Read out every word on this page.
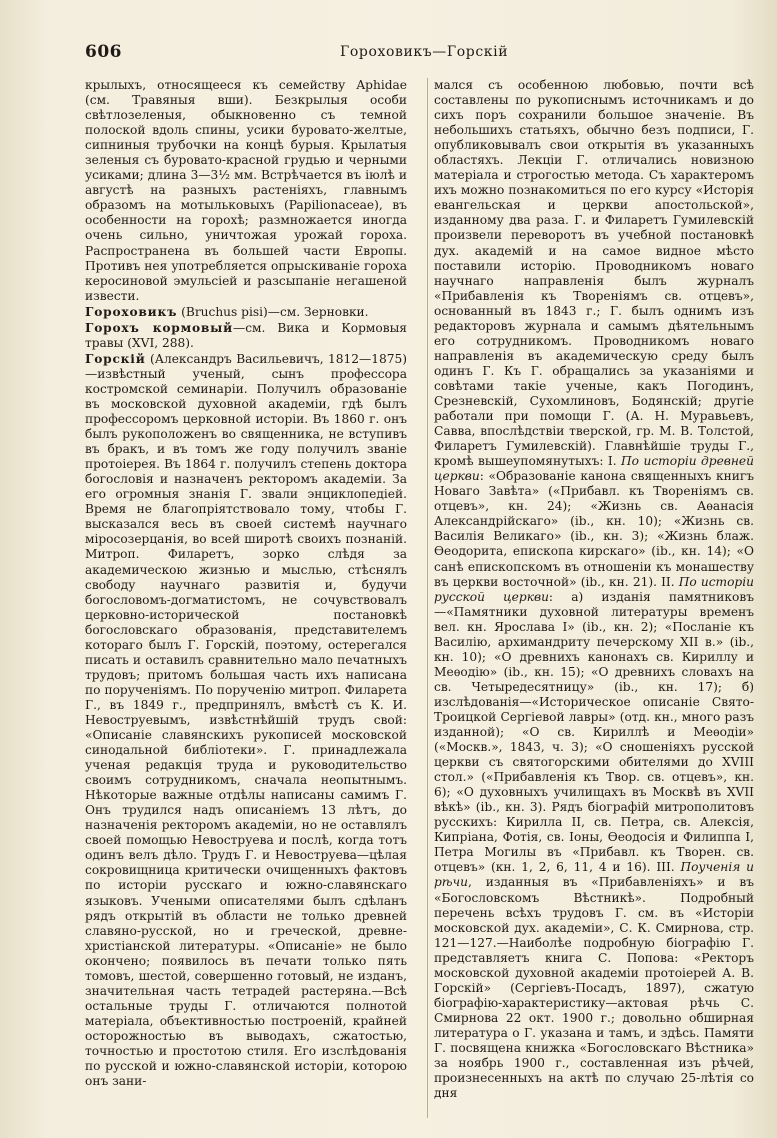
606	Гороховикъ—Горскій

крылыхъ, относящееся къ семейству Aphidae (см. Травяныя вши). Безкрылыя особи свѣтлозеленыя, обыкновенно съ темной полоской вдоль спины, усики буровато-желтые, сипниныя трубочки на концѣ бурыя. Крылатыя зеленыя съ буровато-красной грудью и черными усиками; длина 3—3½ мм. Встрѣчается въ іюлѣ и августѣ на разныхъ растеніяхъ, главнымъ образомъ на мотыльковыхъ (Papilionaceae), въ особенности на горохѣ; размножается иногда очень сильно, уничтожая урожай гороха. Распространена въ большей части Европы. Противъ нея употребляется опрыскиваніе гороха керосиновой эмульсіей и разсыпаніе негашеной извести.

Гороховикъ (Bruchus pisi)—см. Зерновки.

Горохъ кормовый—см. Вика и Кормовыя травы (XVI, 288).

Горскій (Александръ Васильевичъ, 1812—1875)—извѣстный ученый, сынъ профессора костромской семинаріи. Получилъ образованіе въ московской духовной академіи, гдѣ былъ профессоромъ церковной исторіи. Въ 1860 г. онъ былъ рукоположенъ во священника, не вступивъ въ бракъ, и въ томъ же году получилъ званіе протоіерея. Въ 1864 г. получилъ степень доктора богословія и назначенъ ректоромъ академіи. За его огромныя знанія Г. звали энциклопедіей. Время не благопріятствовало тому, чтобы Г. высказался весь въ своей системѣ научнаго міросозерцанія, во всей широтѣ своихъ познаній. Митроп. Филаретъ, зорко слѣдя за академическою жизнью и мыслью, стѣснялъ свободу научнаго развитія и, будучи богословомъ-догматистомъ, не сочувствовалъ церковно-исторической постановкѣ богословскаго образованія, представителемъ котораго былъ Г. Горскій, поэтому, остерегался писать и оставилъ сравнительно мало печатныхъ трудовъ; притомъ большая часть ихъ написана по порученіямъ. По порученію митроп. Филарета Г., въ 1849 г., предпринялъ, вмѣстѣ съ К. И. Невоструевымъ, извѣстнѣйшій трудъ свой: «Описаніе славянскихъ рукописей московской синодальной библіотеки». Г. принадлежала ученая редакція труда и руководительство своимъ сотрудникомъ, сначала неопытнымъ. Нѣкоторые важные отдѣлы написаны самимъ Г. Онъ трудился надъ описаніемъ 13 лѣтъ, до назначенія ректоромъ академіи, но не оставлялъ своей помощью Невоструева и послѣ, когда тотъ одинъ велъ дѣло. Трудъ Г. и Невоструева—цѣлая сокровищница критически очищенныхъ фактовъ по исторіи русскаго и южно-славянскаго языковъ. Учеными описателями былъ сдѣланъ рядъ открытій въ области не только древней славяно-русской, но и греческой, древне-христіанской литературы. «Описаніе» не было окончено; появилось въ печати только пять томовъ, шестой, совершенно готовый, не изданъ, значительная часть тетрадей растеряна.—Всѣ остальные труды Г. отличаются полнотой матеріала, объективностью построеній, крайней осторожностью въ выводахъ, сжатостью, точностью и простотою стиля. Его изслѣдованія по русской и южно-славянской исторіи, которою онъ зани-

мался съ особенною любовью, почти всѣ составлены по рукописнымъ источникамъ и до сихъ поръ сохранили большое значеніе. Въ небольшихъ статьяхъ, обычно безъ подписи, Г. опубликовывалъ свои открытія въ указанныхъ областяхъ. Лекціи Г. отличались новизною матеріала и строгостью метода. Съ характеромъ ихъ можно познакомиться по его курсу «Исторія евангельская и церкви апостольской», изданному два раза. Г. и Филаретъ Гумилевскій произвели переворотъ въ учебной постановкѣ дух. академій и на самое видное мѣсто поставили исторію. Проводникомъ новаго научнаго направленія былъ журналъ «Прибавленія къ Твореніямъ св. отцевъ», основанный въ 1843 г.; Г. былъ однимъ изъ редакторовъ журнала и самымъ дѣятельнымъ его сотрудникомъ. Проводникомъ новаго направленія въ академическую среду былъ одинъ Г. Къ Г. обращались за указаніями и совѣтами такіе ученые, какъ Погодинъ, Срезневскій, Сухомлиновъ, Бодянскій; другіе работали при помощи Г. (А. Н. Муравьевъ, Савва, впослѣдствіи тверской, гр. М. В. Толстой, Филаретъ Гумилевскій). Главнѣйшіе труды Г., кромѣ вышеупомянутыхъ: I. По исторіи древней церкви: «Образованіе канона священныхъ книгъ Новаго Завѣта» («Прибавл. къ Твореніямъ св. отцевъ», кн. 24); «Жизнь св. Аѳанасія Александрійскаго» (ib., кн. 10); «Жизнь св. Василія Великаго» (ib., кн. 3); «Жизнь блаж. Ѳеодорита, епископа кирскаго» (ib., кн. 14); «О санѣ епископскомъ въ отношеніи къ монашеству въ церкви восточной» (ib., кн. 21). II. По исторіи русской церкви: а) изданія памятниковъ—«Памятники духовной литературы временъ вел. кн. Ярослава I» (ib., кн. 2); «Посланіе къ Василію, архимандриту печерскому XII в.» (ib., кн. 10); «О древнихъ канонахъ св. Кириллу и Меѳодію» (ib., кн. 15); «О древнихъ словахъ на св. Четыредесятницу» (ib., кн. 17); б) изслѣдованія—«Историческое описаніе Свято-Троицкой Сергіевой лавры» (отд. кн., много разъ изданной); «О св. Кириллѣ и Меѳодіи» («Москв.», 1843, ч. 3); «О сношеніяхъ русской церкви съ святогорскими обителями до XVIII стол.» («Прибавленія къ Твор. св. отцевъ», кн. 6); «О духовныхъ училищахъ въ Москвѣ въ XVII вѣкѣ» (ib., кн. 3). Рядъ біографій митрополитовъ русскихъ: Кирилла II, св. Петра, св. Алексія, Кипріана, Фотія, св. Іоны, Ѳеодосія и Филиппа I, Петра Могилы въ «Прибавл. къ Творен. св. отцевъ» (кн. 1, 2, 6, 11, 4 и 16). III. Поученія и рѣчи, изданныя въ «Прибавленіяхъ» и въ «Богословскомъ Вѣстникѣ». Подробный перечень всѣхъ трудовъ Г. см. въ «Исторіи московской дух. академіи», С. К. Смирнова, стр. 121—127.—Наиболѣе подробную біографію Г. представляетъ книга С. Попова: «Ректоръ московской духовной академіи протоіерей А. В. Горскій» (Сергіевъ-Посадъ, 1897), сжатую біографію-характеристику—актовая рѣчь С. Смирнова 22 окт. 1900 г.; довольно обширная литература о Г. указана и тамъ, и здѣсь. Памяти Г. посвящена книжка «Богословскаго Вѣстника» за ноябрь 1900 г., составленная изъ рѣчей, произнесенныхъ на актѣ по случаю 25-лѣтія со дня
